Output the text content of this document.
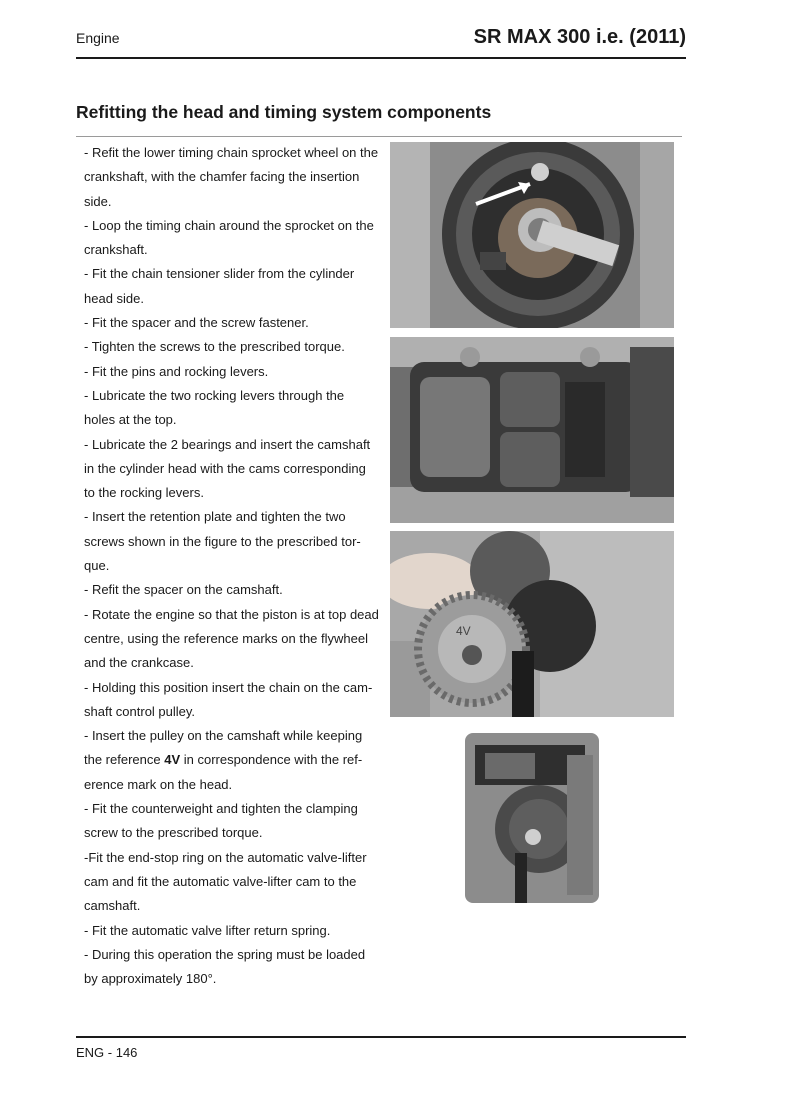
Engine	SR MAX 300 i.e. (2011)
Refitting the head and timing system components

- Refit the lower timing chain sprocket wheel on the

crankshaft, with the chamfer facing the insertion

side.

- Loop the timing chain around the sprocket on the

crankshaft.

- Fit the chain tensioner slider from the cylinder

head side.

- Fit the spacer and the screw fastener.

- Tighten the screws to the prescribed torque.

- Fit the pins and rocking levers.

- Lubricate the two rocking levers through the

holes at the top.

- Lubricate the 2 bearings and insert the camshaft

in the cylinder head with the cams corresponding

to the rocking levers.

- Insert the retention plate and tighten the two

screws shown in the figure to the prescribed tor-

que.

- Refit the spacer on the camshaft.

- Rotate the engine so that the piston is at top dead

centre, using the reference marks on the flywheel

and the crankcase.

- Holding this position insert the chain on the cam-

shaft control pulley.

- Insert the pulley on the camshaft while keeping

the reference 4V in correspondence with the ref-

erence mark on the head.

- Fit the counterweight and tighten the clamping

screw to the prescribed torque.

-Fit the end-stop ring on the automatic valve-lifter

cam and fit the automatic valve-lifter cam to the

camshaft.

- Fit the automatic valve lifter return spring.

- During this operation the spring must be loaded

by approximately 180°.

4V
ENG - 146
